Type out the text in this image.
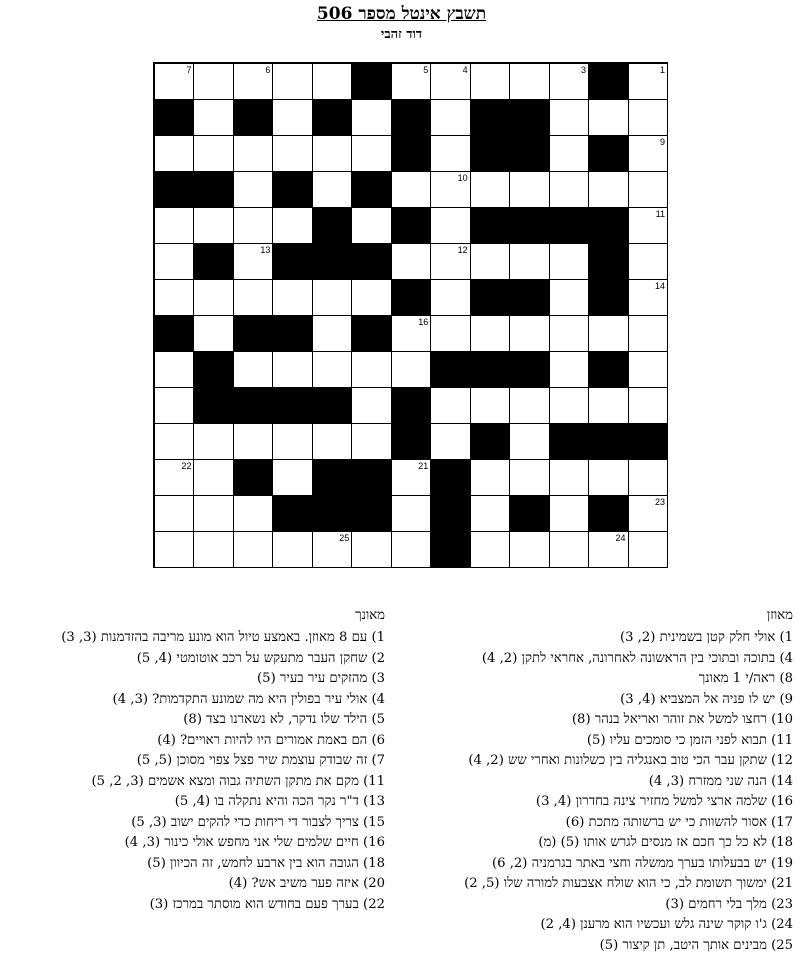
תשבץ אינטל מספר 506
דוד זהבי
1
2
3
4
5
6
7
8
9
10
11
12
13
14
15
16
17
18
19
20
21
22
23
24
25
מאוזן
1) אולי חלק קטן בשמינית (2, 3)
4) בתוכה ובתוכי בין הראשונה לאחרונה, אחראי לתקן (2, 4)
8) ראה/י 1 מאונך
9) יש לו פניה אל המצביא (4, 3)
10) רחצו למשל את זוהר ואריאל בנהר (8)
11) תבוא לפני הזמן כי סומכים עליו (5)
12) שתקן עבר הכי טוב באנגליה בין כשלונות ואחרי שש (2, 4)
14) הנה שני ממזרח (3, 4)
16) שלמה ארצי למשל מחזיר צינה בחדרון (4, 3)
17) אסור להשוות כי יש ברשותה מתכת (6)
18) לא כל כך חכם אז מנסים לגרש אותו (5) (מ)
19) יש בבעלותו בערך ממשלה וחצי באתר בגרמניה (2, 6)
21) ימשוך תשומת לב, כי הוא שולח אצבעות למורה שלו (5, 2)
23) מלך בלי רחמים (3)
24) ג'ו קוקר שינה גלש ועכשיו הוא מרענן (4, 2)
25) מבינים אותך היטב, תן קיצור (5)
מאונך
1) עם 8 מאוזן. באמצע טיול הוא מונע מריבה בהזדמנות (3, 3)
2) שחקן העבר מתעקש על רכב אוטומטי (4, 5)
3) מהזקים עיר בעיר (5)
4) אולי עיר בפולין היא מה שמונע התקדמות? (3, 4)
5) הילד שלו נדקר, לא נשארנו בצד (8)
6) הם באמת אמורים היו להיות ראויים? (4)
7) זה שבודק עוצמת שיר פצל צפוי מסוכן (5, 5)
11) מקם את מתקן השתיה גבוה ומצא אשמים (3, 2, 5)
13) ד"ר נקר הכה והיא נתקלה בו (4, 5)
15) צריך לצבור די ריחות כדי להקים ישוב (3, 5)
16) חיים שלמים שלי אני מחפש אולי כינור (3, 4)
18) הגובה הוא בין ארבע לחמש, זה הכיוון (5)
20) איזה פער משיב אש? (4)
22) בערך פעם בחודש הוא מוסתר במרכז (3)
